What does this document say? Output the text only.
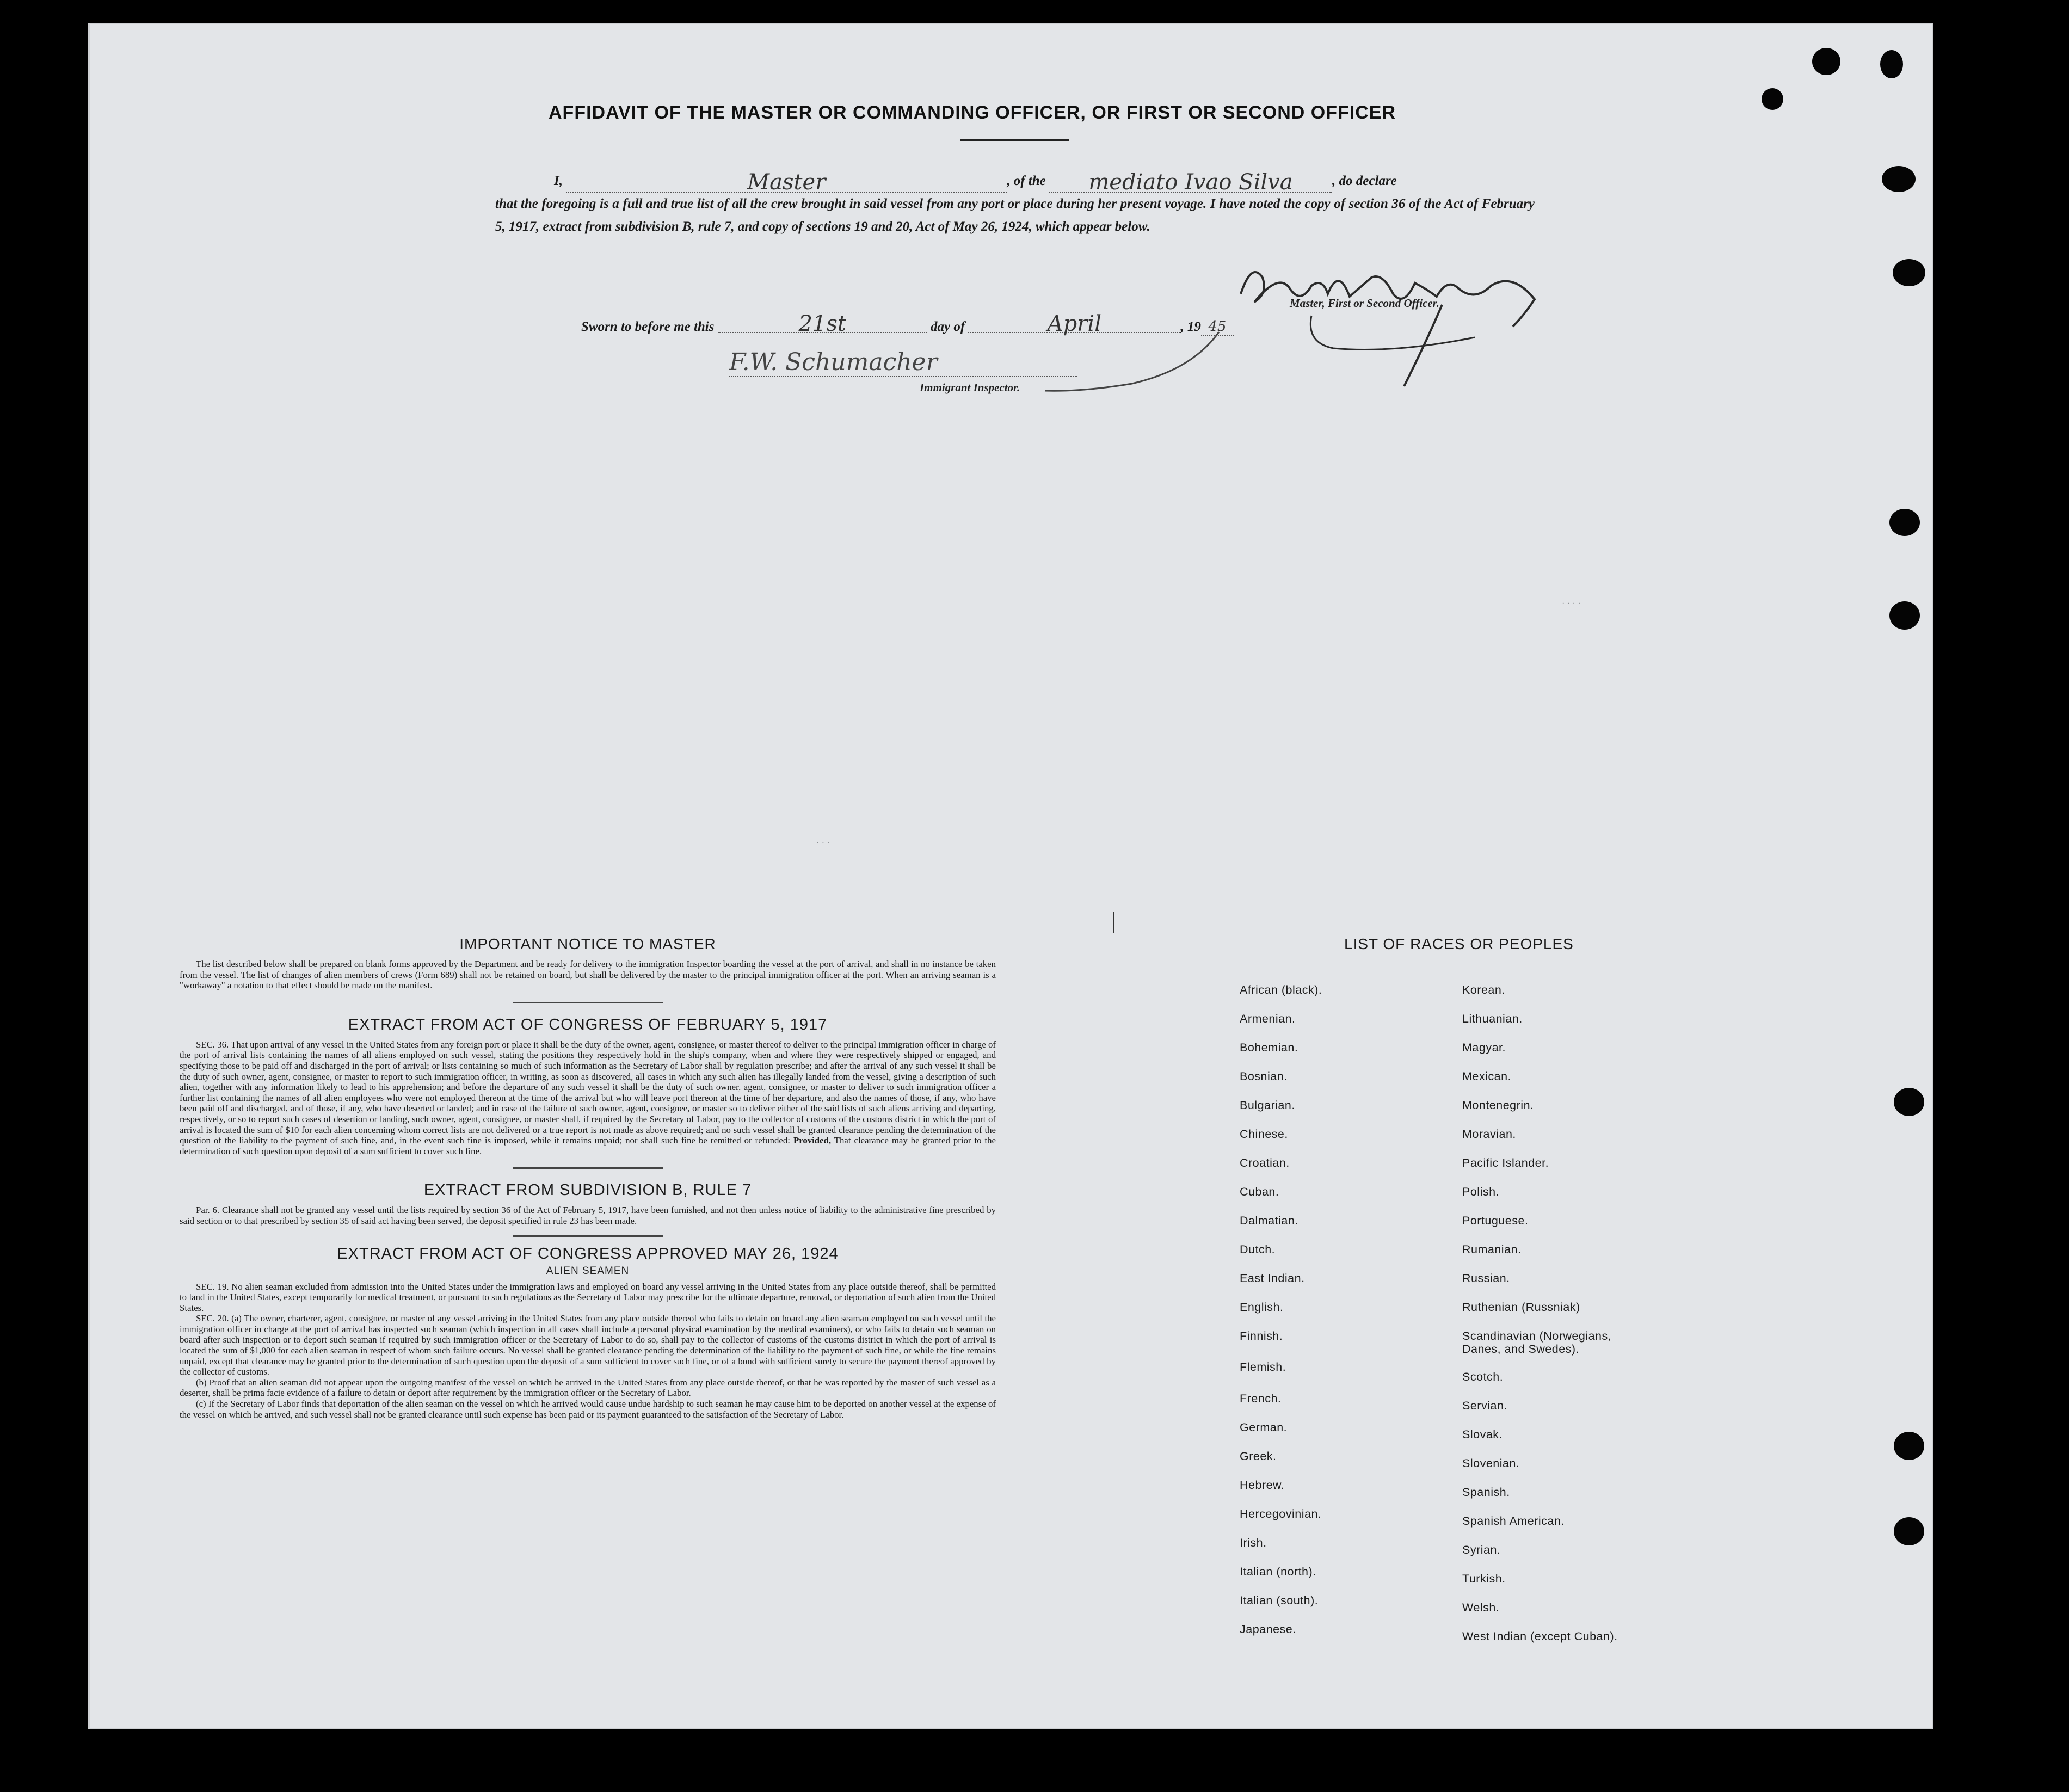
AFFIDAVIT OF THE MASTER OR COMMANDING OFFICER, OR FIRST OR SECOND OFFICER
I,	Master	, of the mediato Ivao Silva	, do declare
that the foregoing is a full and true list of all the crew brought in said vessel from any port or place during her present voyage. I have noted the copy of section 36 of the Act of February 5, 1917, extract from subdivision B, rule 7, and copy of sections 19 and 20, Act of May 26, 1924, which appear below.
Master, First or Second Officer.
Sworn to before me this	21st	day of	April	, 19 45
F.W. Schumacher
Immigrant Inspector.
· · · ·
· · ·
IMPORTANT NOTICE TO MASTER
The list described below shall be prepared on blank forms approved by the Department and be ready for delivery to the immigration Inspector boarding the vessel at the port of arrival, and shall in no instance be taken from the vessel. The list of changes of alien members of crews (Form 689) shall not be retained on board, but shall be delivered by the master to the principal immigration officer at the port. When an arriving seaman is a "workaway" a notation to that effect should be made on the manifest.
EXTRACT FROM ACT OF CONGRESS OF FEBRUARY 5, 1917
SEC. 36. That upon arrival of any vessel in the United States from any foreign port or place it shall be the duty of the owner, agent, consignee, or master thereof to deliver to the principal immigration officer in charge of the port of arrival lists containing the names of all aliens employed on such vessel, stating the positions they respectively hold in the ship's company, when and where they were respectively shipped or engaged, and specifying those to be paid off and discharged in the port of arrival; or lists containing so much of such information as the Secretary of Labor shall by regulation prescribe; and after the arrival of any such vessel it shall be the duty of such owner, agent, consignee, or master to report to such immigration officer, in writing, as soon as discovered, all cases in which any such alien has illegally landed from the vessel, giving a description of such alien, together with any information likely to lead to his apprehension; and before the departure of any such vessel it shall be the duty of such owner, agent, consignee, or master to deliver to such immigration officer a further list containing the names of all alien employees who were not employed thereon at the time of the arrival but who will leave port thereon at the time of her departure, and also the names of those, if any, who have been paid off and discharged, and of those, if any, who have deserted or landed; and in case of the failure of such owner, agent, consignee, or master so to deliver either of the said lists of such aliens arriving and departing, respectively, or so to report such cases of desertion or landing, such owner, agent, consignee, or master shall, if required by the Secretary of Labor, pay to the collector of customs of the customs district in which the port of arrival is located the sum of $10 for each alien concerning whom correct lists are not delivered or a true report is not made as above required; and no such vessel shall be granted clearance pending the determination of the question of the liability to the payment of such fine, and, in the event such fine is imposed, while it remains unpaid; nor shall such fine be remitted or refunded: Provided, That clearance may be granted prior to the determination of such question upon deposit of a sum sufficient to cover such fine.
EXTRACT FROM SUBDIVISION B, RULE 7
Par. 6. Clearance shall not be granted any vessel until the lists required by section 36 of the Act of February 5, 1917, have been furnished, and not then unless notice of liability to the administrative fine prescribed by said section or to that prescribed by section 35 of said act having been served, the deposit specified in rule 23 has been made.
EXTRACT FROM ACT OF CONGRESS APPROVED MAY 26, 1924
ALIEN SEAMEN
SEC. 19. No alien seaman excluded from admission into the United States under the immigration laws and employed on board any vessel arriving in the United States from any place outside thereof, shall be permitted to land in the United States, except temporarily for medical treatment, or pursuant to such regulations as the Secretary of Labor may prescribe for the ultimate departure, removal, or deportation of such alien from the United States.
SEC. 20. (a) The owner, charterer, agent, consignee, or master of any vessel arriving in the United States from any place outside thereof who fails to detain on board any alien seaman employed on such vessel until the immigration officer in charge at the port of arrival has inspected such seaman (which inspection in all cases shall include a personal physical examination by the medical examiners), or who fails to detain such seaman on board after such inspection or to deport such seaman if required by such immigration officer or the Secretary of Labor to do so, shall pay to the collector of customs of the customs district in which the port of arrival is located the sum of $1,000 for each alien seaman in respect of whom such failure occurs. No vessel shall be granted clearance pending the determination of the liability to the payment of such fine, or while the fine remains unpaid, except that clearance may be granted prior to the determination of such question upon the deposit of a sum sufficient to cover such fine, or of a bond with sufficient surety to secure the payment thereof approved by the collector of customs.
(b) Proof that an alien seaman did not appear upon the outgoing manifest of the vessel on which he arrived in the United States from any place outside thereof, or that he was reported by the master of such vessel as a deserter, shall be prima facie evidence of a failure to detain or deport after requirement by the immigration officer or the Secretary of Labor.
(c) If the Secretary of Labor finds that deportation of the alien seaman on the vessel on which he arrived would cause undue hardship to such seaman he may cause him to be deported on another vessel at the expense of the vessel on which he arrived, and such vessel shall not be granted clearance until such expense has been paid or its payment guaranteed to the satisfaction of the Secretary of Labor.
LIST OF RACES OR PEOPLES
African (black).
Armenian.
Bohemian.
Bosnian.
Bulgarian.
Chinese.
Croatian.
Cuban.
Dalmatian.
Dutch.
East Indian.
English.
Finnish.
Flemish.
French.
German.
Greek.
Hebrew.
Hercegovinian.
Irish.
Italian (north).
Italian (south).
Japanese.
Korean.
Lithuanian.
Magyar.
Mexican.
Montenegrin.
Moravian.
Pacific Islander.
Polish.
Portuguese.
Rumanian.
Russian.
Ruthenian (Russniak)
Scandinavian (Norwegians,
Danes, and Swedes).
Scotch.
Servian.
Slovak.
Slovenian.
Spanish.
Spanish American.
Syrian.
Turkish.
Welsh.
West Indian (except Cuban).
